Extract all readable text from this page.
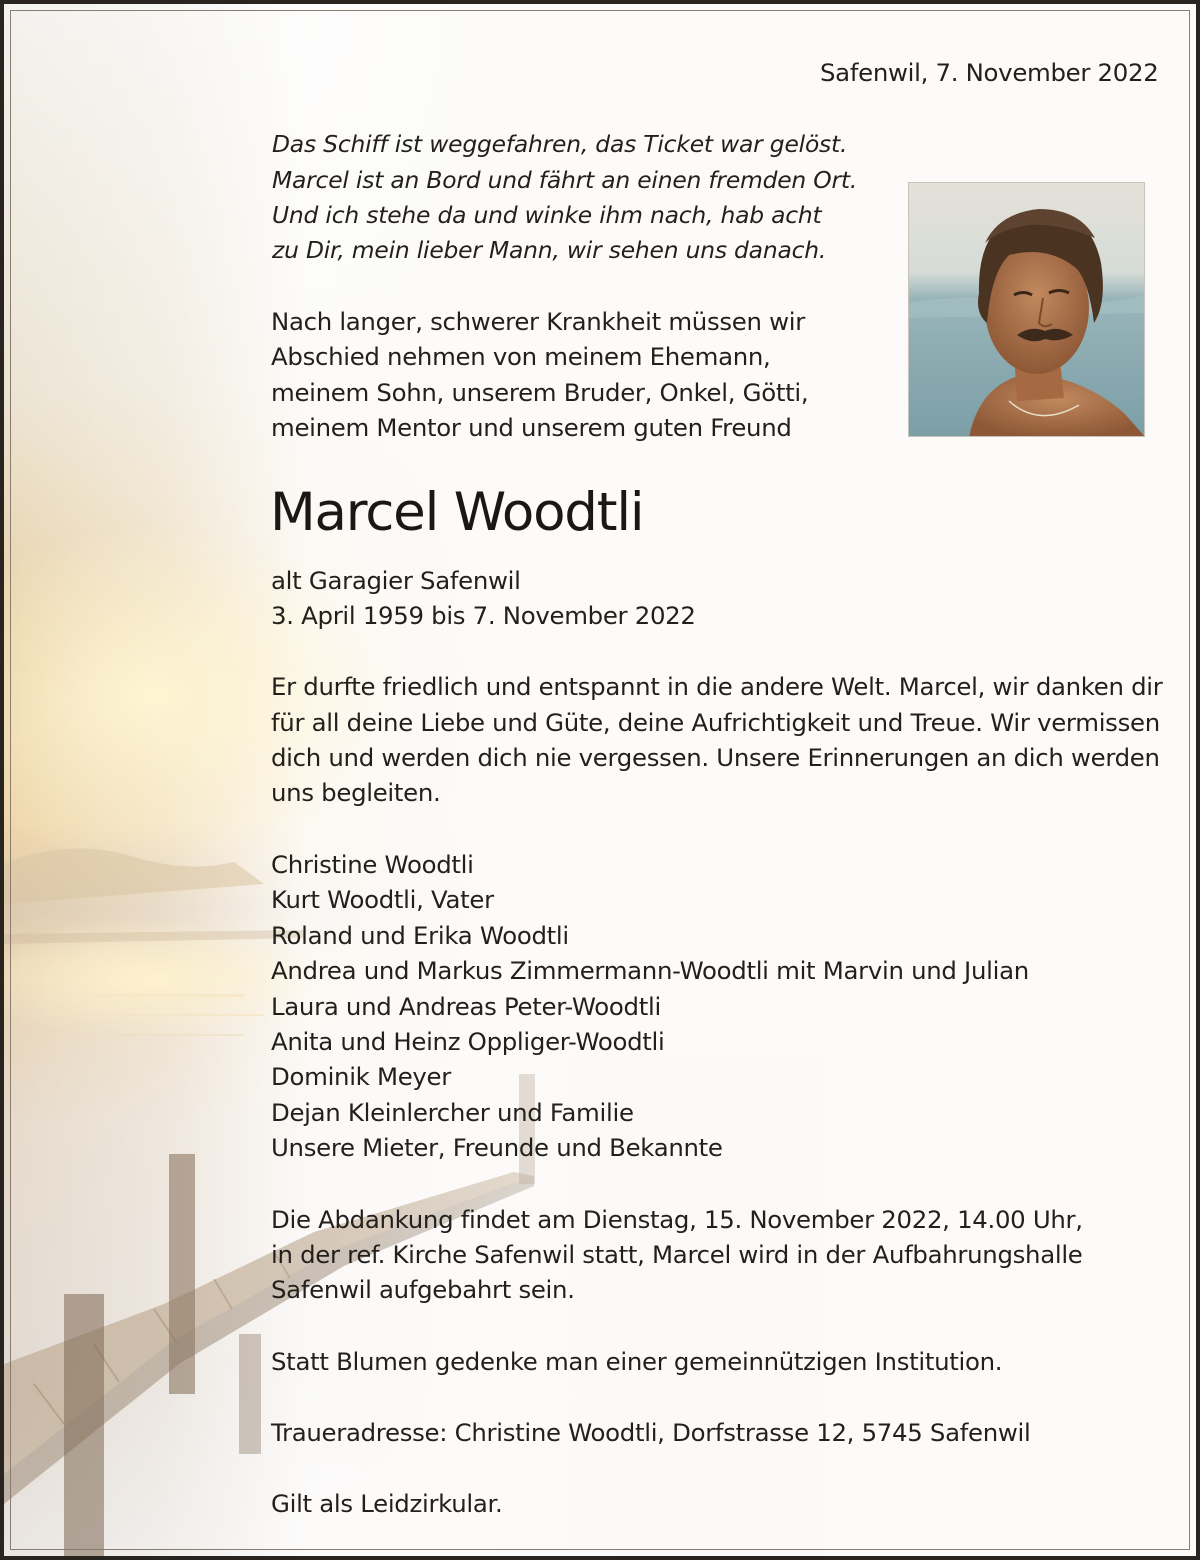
Safenwil, 7. November 2022
Das Schiff ist weggefahren, das Ticket war gelöst.
Marcel ist an Bord und fährt an einen fremden Ort.
Und ich stehe da und winke ihm nach, hab acht
zu Dir, mein lieber Mann, wir sehen uns danach.
Nach langer, schwerer Krankheit müssen wir
Abschied nehmen von meinem Ehemann,
meinem Sohn, unserem Bruder, Onkel, Götti,
meinem Mentor und unserem guten Freund
Marcel Woodtli
alt Garagier Safenwil
3. April 1959 bis 7. November 2022
Er durfte friedlich und entspannt in die andere Welt. Marcel, wir danken dir
für all deine Liebe und Güte, deine Aufrichtigkeit und Treue. Wir vermissen
dich und werden dich nie vergessen. Unsere Erinnerungen an dich werden
uns begleiten.
Christine Woodtli
Kurt Woodtli, Vater
Roland und Erika Woodtli
Andrea und Markus Zimmermann-Woodtli mit Marvin und Julian
Laura und Andreas Peter-Woodtli
Anita und Heinz Oppliger-Woodtli
Dominik Meyer
Dejan Kleinlercher und Familie
Unsere Mieter, Freunde und Bekannte
Die Abdankung findet am Dienstag, 15. November 2022, 14.00 Uhr,
in der ref. Kirche Safenwil statt, Marcel wird in der Aufbahrungshalle
Safenwil aufgebahrt sein.
Statt Blumen gedenke man einer gemeinnützigen Institution.
Traueradresse: Christine Woodtli, Dorfstrasse 12, 5745 Safenwil
Gilt als Leidzirkular.
